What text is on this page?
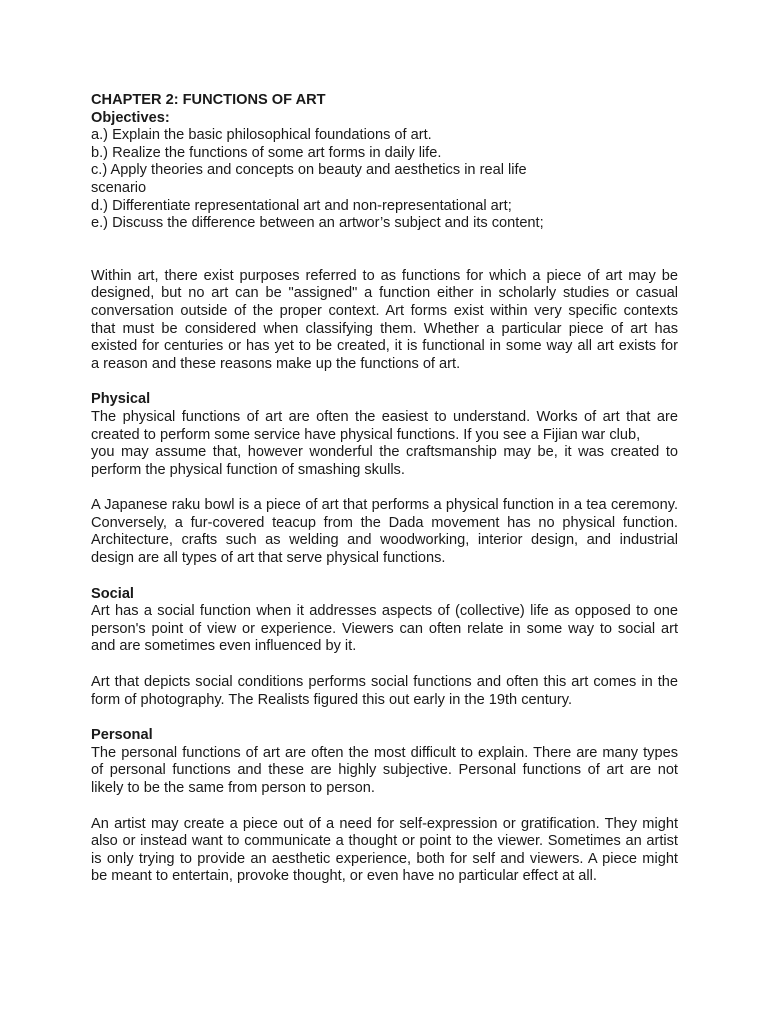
CHAPTER 2: FUNCTIONS OF ART
Objectives:
a.) Explain the basic philosophical foundations of art.
b.) Realize the functions of some art forms in daily life.
c.) Apply theories and concepts on beauty and aesthetics in real life
scenario
d.) Differentiate representational art and non-representational art;
e.) Discuss the difference between an artwor’s subject and its content;
Within art, there exist purposes referred to as functions for which a piece of art may be
designed, but no art can be "assigned" a function either in scholarly studies or casual
conversation outside of the proper context. Art forms exist within very specific contexts
that must be considered when classifying them. Whether a particular piece of art has
existed for centuries or has yet to be created, it is functional in some way all art exists for
a reason and these reasons make up the functions of art.
Physical
The physical functions of art are often the easiest to understand. Works of art that are
created to perform some service have physical functions. If you see a Fijian war club,
you may assume that, however wonderful the craftsmanship may be, it was created to
perform the physical function of smashing skulls.
A Japanese raku bowl is a piece of art that performs a physical function in a tea ceremony.
Conversely, a fur-covered teacup from the Dada movement has no physical function.
Architecture, crafts such as welding and woodworking, interior design, and industrial
design are all types of art that serve physical functions.
Social
Art has a social function when it addresses aspects of (collective) life as opposed to one
person's point of view or experience. Viewers can often relate in some way to social art
and are sometimes even influenced by it.
Art that depicts social conditions performs social functions and often this art comes in the
form of photography. The Realists figured this out early in the 19th century.
Personal
The personal functions of art are often the most difficult to explain. There are many types
of personal functions and these are highly subjective. Personal functions of art are not
likely to be the same from person to person.
An artist may create a piece out of a need for self-expression or gratification. They might
also or instead want to communicate a thought or point to the viewer. Sometimes an artist
is only trying to provide an aesthetic experience, both for self and viewers. A piece might
be meant to entertain, provoke thought, or even have no particular effect at all.
